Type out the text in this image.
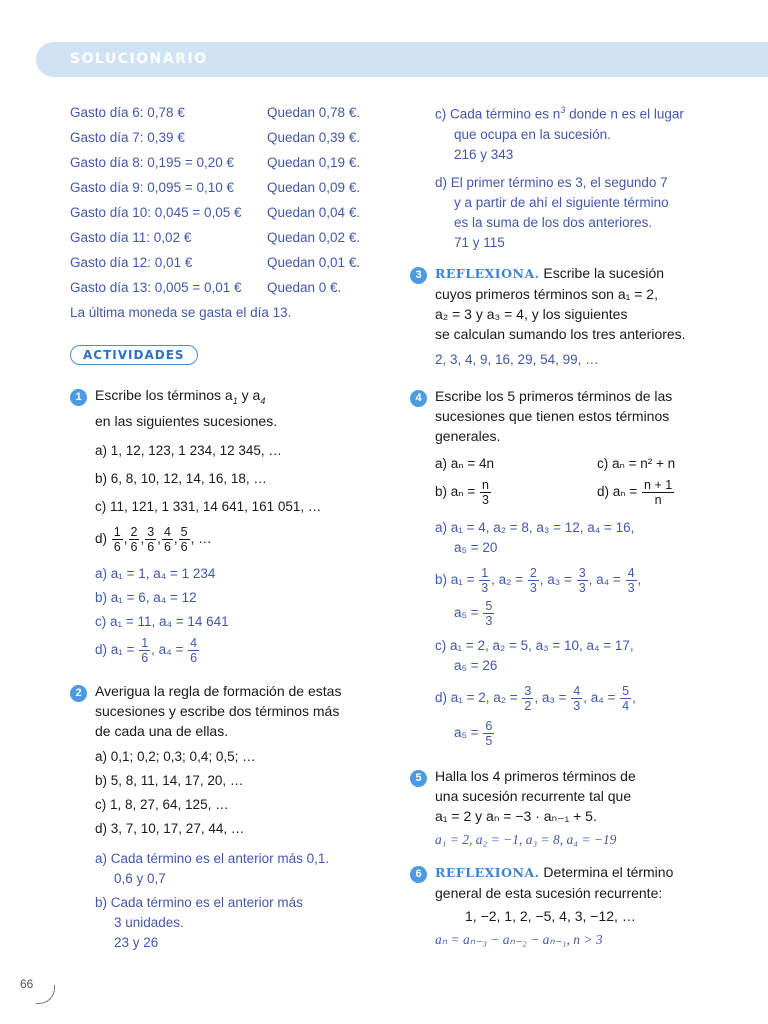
SOLUCIONARIO
Gasto día 6: 0,78 €	Quedan 0,78 €.
Gasto día 7: 0,39 €	Quedan 0,39 €.
Gasto día 8: 0,195 = 0,20 € Quedan 0,19 €.
Gasto día 9: 0,095 = 0,10 € Quedan 0,09 €.
Gasto día 10: 0,045 = 0,05 € Quedan 0,04 €.
Gasto día 11: 0,02 €	Quedan 0,02 €.
Gasto día 12: 0,01 €	Quedan 0,01 €.
Gasto día 13: 0,005 = 0,01 € Quedan 0 €.
La última moneda se gasta el día 13.
ACTIVIDADES
1 Escribe los términos $a_1$ y $a_4$
en las siguientes sucesiones.
a) 1, 12, 123, 1 234, 12 345, …
b) 6, 8, 10, 12, 14, 16, 18, …
c) 11, 121, 1 331, 14 641, 161 051, …
$d) \frac{1}{6}$ , $\frac{2}{6}$ , $\frac{3}{6}$ , $\frac{4}{6}$ , $\frac{5}{6}$ , …
a) a₁ = 1, a₄ = 1 234
b) a₁ = 6, a₄ = 12
c) a₁ = 11, a₄ = 14 641
d) $a_1 = \frac{1}{6}$ , $a_4 = \frac{4}{6}$
2 Averigua la regla de formación de estas
sucesiones y escribe dos términos más
de cada una de ellas.
a) 0,1; 0,2; 0,3; 0,4; 0,5; …
b) 5, 8, 11, 14, 17, 20, …
c) 1, 8, 27, 64, 125, …
d) 3, 7, 10, 17, 27, 44, …
a) Cada término es el anterior más 0,1.
0,6 y 0,7
b) Cada término es el anterior más
3 unidades.
23 y 26
c) Cada término es $n^3$ donde n es el lugar
que ocupa en la sucesión.
216 y 343
d) El primer término es 3, el segundo 7
y a partir de ahí el siguiente término
es la suma de los dos anteriores.
71 y 115
3	REFLEXIONA. Escribe la sucesión
cuyos primeros términos son a₁ = 2,
a₂ = 3 y a₃ = 4, y los siguientes
se calculan sumando los tres anteriores.
2, 3, 4, 9, 16, 29, 54, 99, …
4 Escribe los 5 primeros términos de las
sucesiones que tienen estos términos
generales.
a) aₙ = 4n	c) aₙ = n² + n
b) $a_n = \frac{n}{3}$	d) $a_n = \frac{n + 1}{n}$
a) a₁ = 4, a₂ = 8, a₃ = 12, a₄ = 16,
a₅ = 20
b) $a_1 = \frac{1}{3}$ , $a_2 = \frac{2}{3}$ , $a_3 = \frac{3}{3}$ , $a_4 = \frac{4}{3}$ ,
$a_5 = \frac{5}{3}$
c) a₁ = 2, a₂ = 5, a₃ = 10, a₄ = 17,
a₅ = 26
d) a₁ = 2, $a_2 = \frac{3}{2}$ , $a_3 = \frac{4}{3}$ , $a_4 = \frac{5}{4}$ ,
$a_5 = \frac{6}{5}$
5 Halla los 4 primeros términos de
una sucesión recurrente tal que
a₁ = 2 y aₙ = −3 · aₙ₋₁ + 5.
a₁ = 2, a₂ = −1, a₃ = 8, a₄ = −19
6	REFLEXIONA. Determina el término
general de esta sucesión recurrente:
1, −2, 1, 2, −5, 4, 3, −12, …
aₙ = aₙ₋₃ − aₙ₋₂ − aₙ₋₁, n > 3
66
